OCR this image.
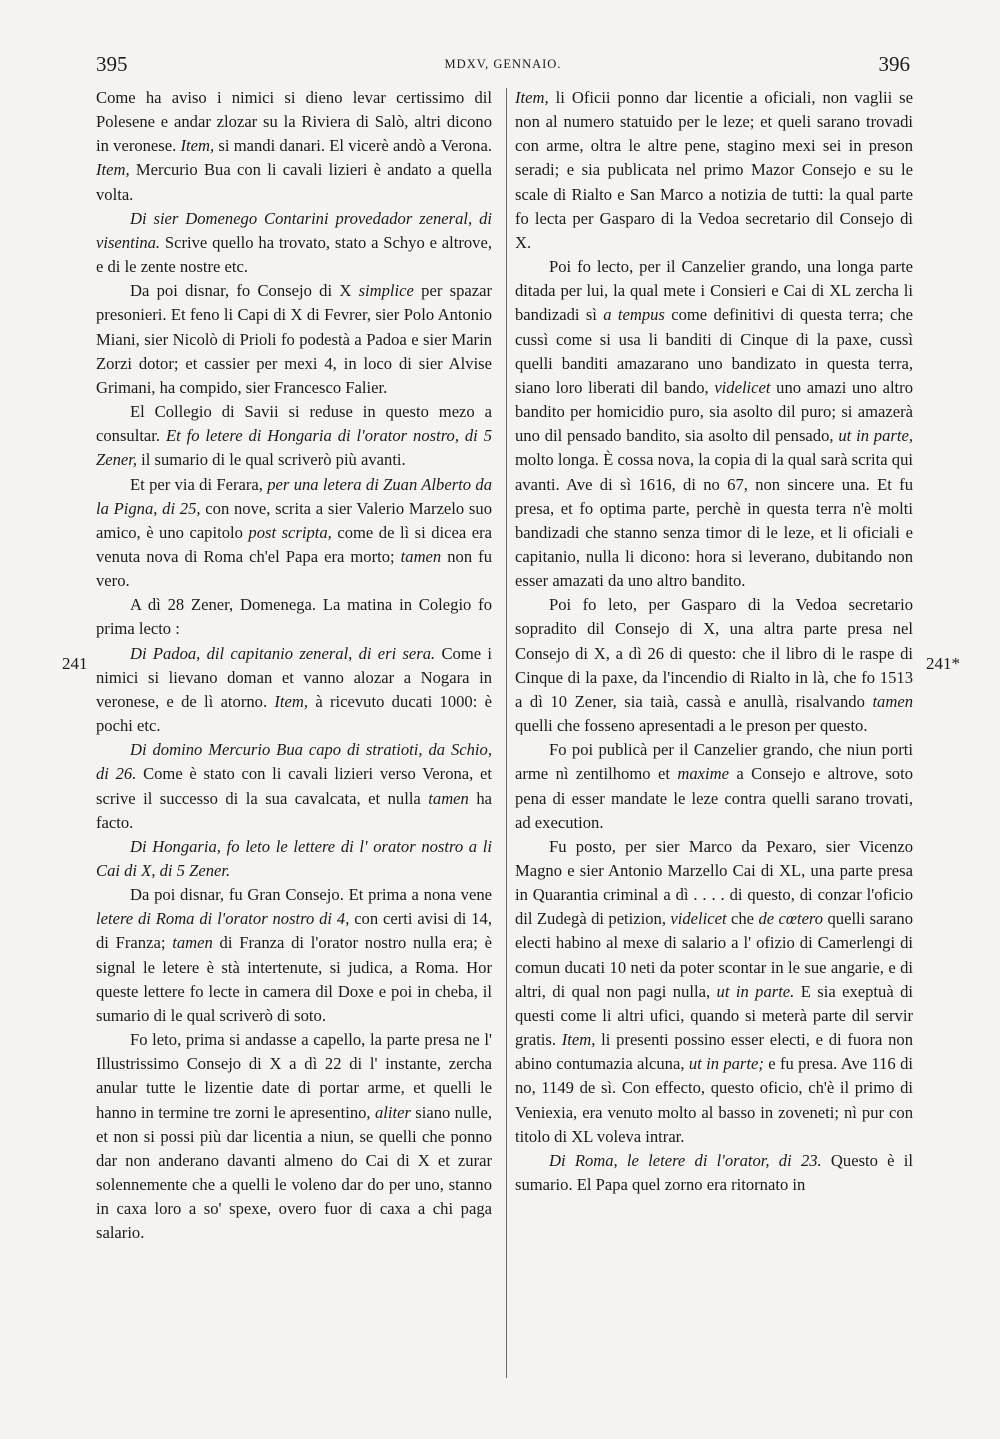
395	MDXV, GENNAIO.	396

Come ha aviso i nimici si dieno levar certissimo dil Polesene e andar zlozar su la Riviera di Salò, altri dicono in veronese. Item, si mandi danari. El vicerè andò a Verona. Item, Mercurio Bua con li cavali lizieri è andato a quella volta.

Di sier Domenego Contarini provedador zeneral, di visentina. Scrive quello ha trovato, stato a Schyo e altrove, e di le zente nostre etc.

Da poi disnar, fo Consejo di X simplice per spazar presonieri. Et feno li Capi di X di Fevrer, sier Polo Antonio Miani, sier Nicolò di Prioli fo podestà a Padoa e sier Marin Zorzi dotor; et cassier per mexi 4, in loco di sier Alvise Grimani, ha compido, sier Francesco Falier.

El Collegio di Savii si reduse in questo mezo a consultar. Et fo letere di Hongaria di l'orator nostro, di 5 Zener, il sumario di le qual scriverò più avanti.

Et per via di Ferara, per una letera di Zuan Alberto da la Pigna, di 25, con nove, scrita a sier Valerio Marzelo suo amico, è uno capitolo post scripta, come de lì si dicea era venuta nova di Roma ch'el Papa era morto; tamen non fu vero.

A dì 28 Zener, Domenega. La matina in Colegio fo prima lecto :

Di Padoa, dil capitanio zeneral, di eri sera. Come i nimici si lievano doman et vanno alozar a Nogara in veronese, e de lì atorno. Item, à ricevuto ducati 1000: è pochi etc.

Di domino Mercurio Bua capo di stratioti, da Schio, di 26. Come è stato con li cavali lizieri verso Verona, et scrive il successo di la sua cavalcata, et nulla tamen ha facto.

Di Hongaria, fo leto le lettere di l' orator nostro a li Cai di X, di 5 Zener.

Da poi disnar, fu Gran Consejo. Et prima a nona vene letere di Roma di l'orator nostro di 4, con certi avisi di 14, di Franza; tamen di Franza di l'orator nostro nulla era; è signal le letere è stà intertenute, si judica, a Roma. Hor queste lettere fo lecte in camera dil Doxe e poi in cheba, il sumario di le qual scriverò di soto.

Fo leto, prima si andasse a capello, la parte presa ne l' Illustrissimo Consejo di X a dì 22 di l' instante, zercha anular tutte le lizentie date di portar arme, et quelli le hanno in termine tre zorni le apresentino, aliter siano nulle, et non si possi più dar licentia a niun, se quelli che ponno dar non anderano davanti almeno do Cai di X et zurar solennemente che a quelli le voleno dar do per uno, stanno in caxa loro a so' spexe, overo fuor di caxa a chi paga salario.

Item, li Oficii ponno dar licentie a oficiali, non vaglii se non al numero statuido per le leze; et queli sarano trovadi con arme, oltra le altre pene, stagino mexi sei in preson seradi; e sia publicata nel primo Mazor Consejo e su le scale di Rialto e San Marco a notizia de tutti: la qual parte fo lecta per Gasparo di la Vedoa secretario dil Consejo di X.

Poi fo lecto, per il Canzelier grando, una longa parte ditada per lui, la qual mete i Consieri e Cai di XL zercha li bandizadi sì a tempus come definitivi di questa terra; che cussì come si usa li banditi di Cinque di la paxe, cussì quelli banditi amazarano uno bandizato in questa terra, siano loro liberati dil bando, videlicet uno amazi uno altro bandito per homicidio puro, sia asolto dil puro; si amazerà uno dil pensado bandito, sia asolto dil pensado, ut in parte, molto longa. È cossa nova, la copia di la qual sarà scrita qui avanti. Ave di sì 1616, di no 67, non sincere una. Et fu presa, et fo optima parte, perchè in questa terra n'è molti bandizadi che stanno senza timor di le leze, et li oficiali e capitanio, nulla li dicono: hora si leverano, dubitando non esser amazati da uno altro bandito.

Poi fo leto, per Gasparo di la Vedoa secretario sopradito dil Consejo di X, una altra parte presa nel Consejo di X, a dì 26 di questo: che il libro di le raspe di Cinque di la paxe, da l'incendio di Rialto in là, che fo 1513 a dì 10 Zener, sia taià, cassà e anullà, risalvando tamen quelli che fosseno apresentadi a le preson per questo.

Fo poi publicà per il Canzelier grando, che niun porti arme nì zentilhomo et maxime a Consejo e altrove, soto pena di esser mandate le leze contra quelli sarano trovati, ad execution.

Fu posto, per sier Marco da Pexaro, sier Vicenzo Magno e sier Antonio Marzello Cai di XL, una parte presa in Quarantia criminal a dì . . . . di questo, di conzar l'oficio dil Zudegà di petizion, videlicet che de cœtero quelli sarano electi habino al mexe di salario a l' ofizio di Camerlengi di comun ducati 10 neti da poter scontar in le sue angarie, e di altri, di qual non pagi nulla, ut in parte. E sia exeptuà di questi come li altri ufici, quando si meterà parte dil servir gratis. Item, li presenti possino esser electi, e di fuora non abino contumazia alcuna, ut in parte; e fu presa. Ave 116 di no, 1149 de sì. Con effecto, questo oficio, ch'è il primo di Veniexia, era venuto molto al basso in zoveneti; nì pur con titolo di XL voleva intrar.

Di Roma, le letere di l'orator, di 23. Questo è il sumario. El Papa quel zorno era ritornato in

241	241*
